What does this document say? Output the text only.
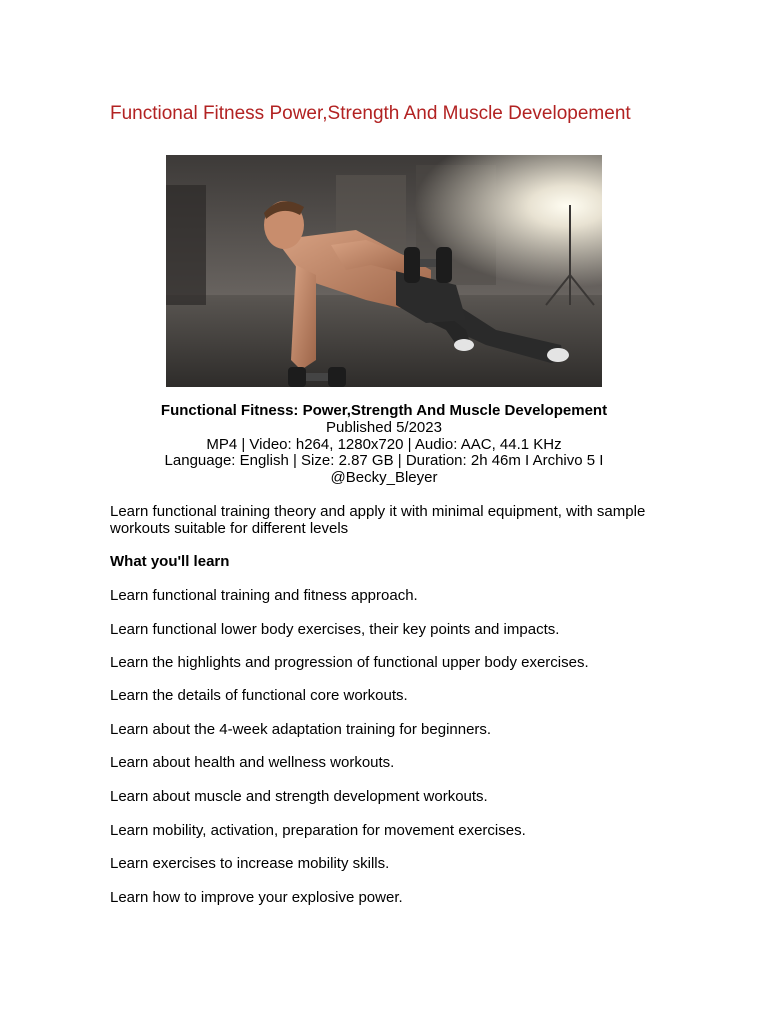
Functional Fitness Power,Strength And Muscle Developement
Functional Fitness: Power,Strength And Muscle Developement
Published 5/2023
MP4 | Video: h264, 1280x720 | Audio: AAC, 44.1 KHz
Language: English | Size: 2.87 GB | Duration: 2h 46m I Archivo 5 I
@Becky_Bleyer

Learn functional training theory and apply it with minimal equipment, with sample workouts suitable for different levels

What you'll learn

Learn functional training and fitness approach.

Learn functional lower body exercises, their key points and impacts.

Learn the highlights and progression of functional upper body exercises.

Learn the details of functional core workouts.

Learn about the 4-week adaptation training for beginners.

Learn about health and wellness workouts.

Learn about muscle and strength development workouts.

Learn mobility, activation, preparation for movement exercises.

Learn exercises to increase mobility skills.

Learn how to improve your explosive power.
